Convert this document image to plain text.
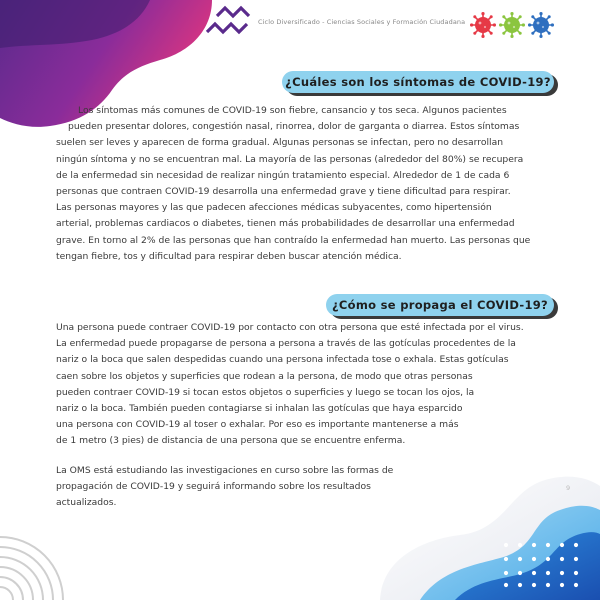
Ciclo Diversificado - Ciencias Sociales y Formación Ciudadana
¿Cuáles son los síntomas de COVID-19?
Los síntomas más comunes de COVID-19 son fiebre, cansancio y tos seca. Algunos pacientes
pueden presentar dolores, congestión nasal, rinorrea, dolor de garganta o diarrea. Estos síntomas
suelen ser leves y aparecen de forma gradual. Algunas personas se infectan, pero no desarrollan
ningún síntoma y no se encuentran mal. La mayoría de las personas (alrededor del 80%) se recupera
de la enfermedad sin necesidad de realizar ningún tratamiento especial. Alrededor de 1 de cada 6
personas que contraen COVID-19 desarrolla una enfermedad grave y tiene dificultad para respirar.
Las personas mayores y las que padecen afecciones médicas subyacentes, como hipertensión
arterial, problemas cardiacos o diabetes, tienen más probabilidades de desarrollar una enfermedad
grave. En torno al 2% de las personas que han contraído la enfermedad han muerto. Las personas que
tengan fiebre, tos y dificultad para respirar deben buscar atención médica.
¿Cómo se propaga el COVID-19?
Una persona puede contraer COVID-19 por contacto con otra persona que esté infectada por el virus.
La enfermedad puede propagarse de persona a persona a través de las gotículas procedentes de la
nariz o la boca que salen despedidas cuando una persona infectada tose o exhala. Estas gotículas
caen sobre los objetos y superficies que rodean a la persona, de modo que otras personas
pueden contraer COVID-19 si tocan estos objetos o superficies y luego se tocan los ojos, la
nariz o la boca. También pueden contagiarse si inhalan las gotículas que haya esparcido
una persona con COVID-19 al toser o exhalar. Por eso es importante mantenerse a más
de 1 metro (3 pies) de distancia de una persona que se encuentre enferma.
La OMS está estudiando las investigaciones en curso sobre las formas de
propagación de COVID-19 y seguirá informando sobre los resultados
actualizados.
9
